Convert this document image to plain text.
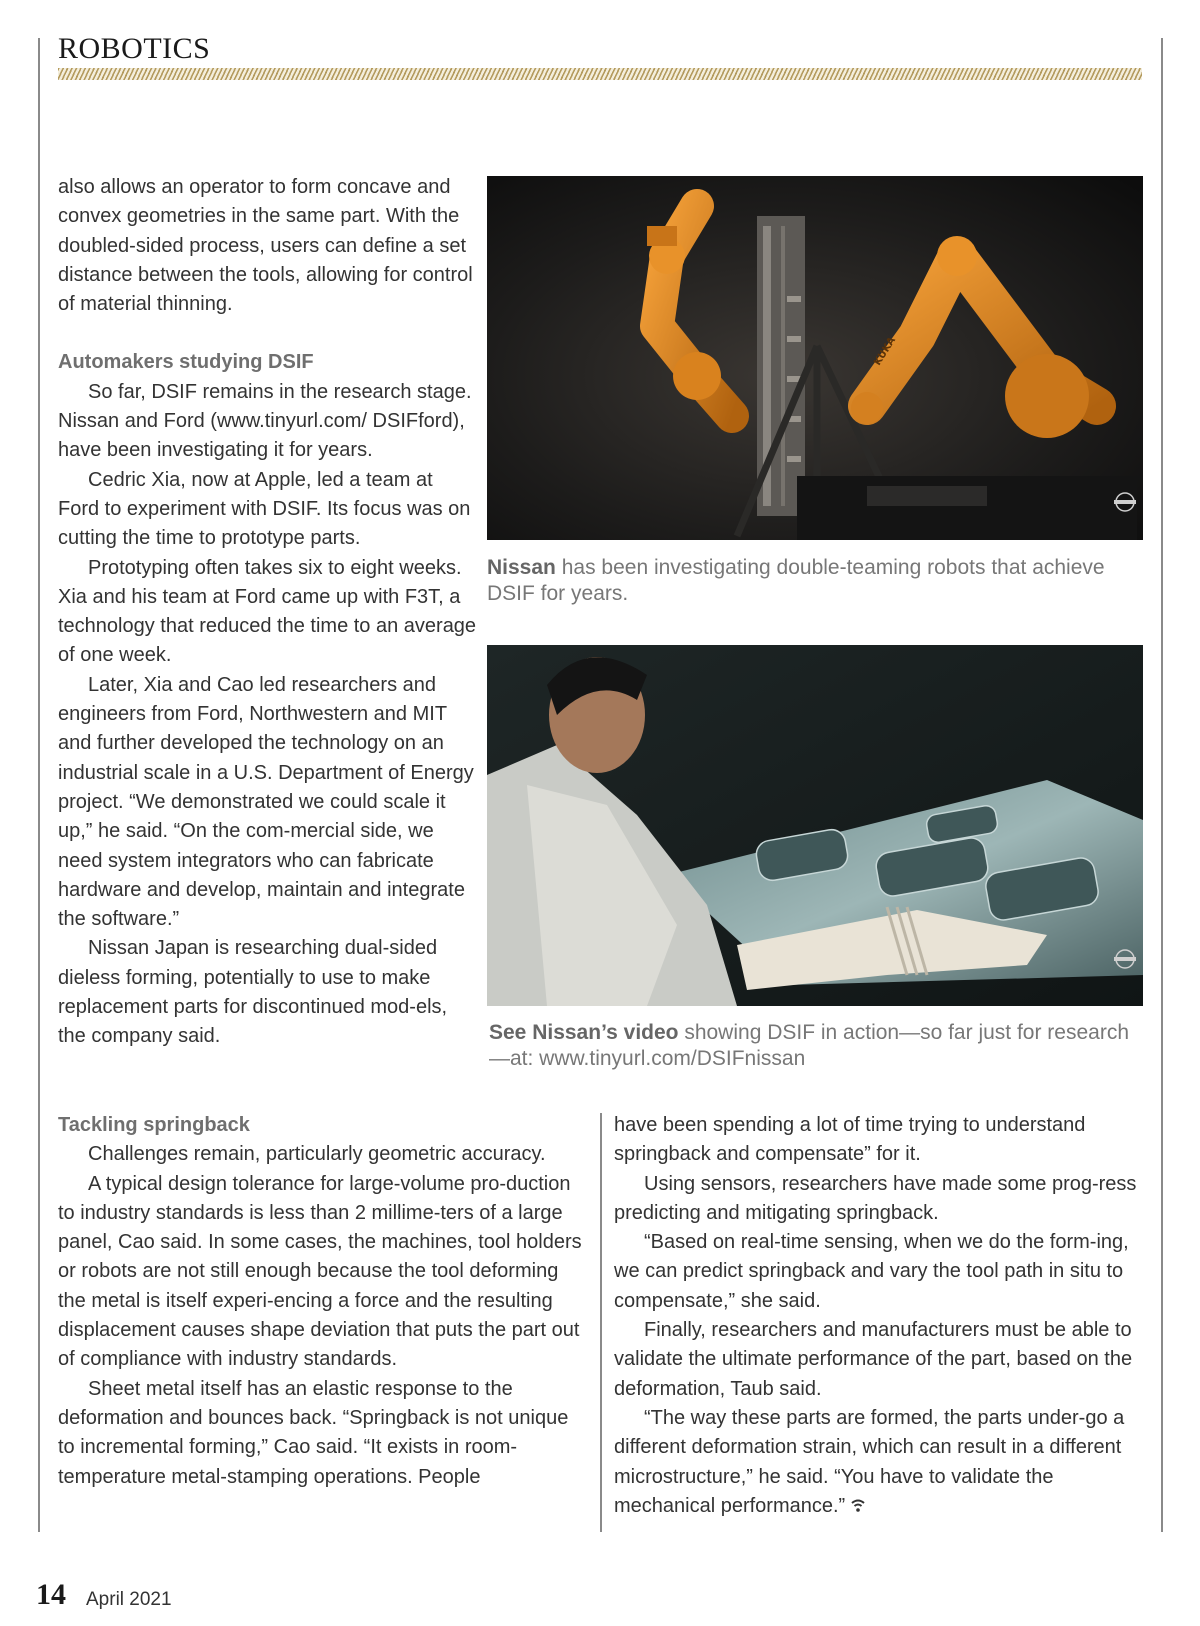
ROBOTICS

also allows an operator to form concave and convex geometries in the same part. With the doubled-sided process, users can define a set distance between the tools, allowing for control of material thinning.

Automakers studying DSIF

So far, DSIF remains in the research stage. Nissan and Ford (www.tinyurl.com/ DSIFford), have been investigating it for years.

Cedric Xia, now at Apple, led a team at Ford to experiment with DSIF. Its focus was on cutting the time to prototype parts.

Prototyping often takes six to eight weeks. Xia and his team at Ford came up with F3T, a technology that reduced the time to an average of one week.

Later, Xia and Cao led researchers and engineers from Ford, Northwestern and MIT and further developed the technology on an industrial scale in a U.S. Department of Energy project. “We demonstrated we could scale it up,” he said. “On the com-mercial side, we need system integrators who can fabricate hardware and develop, maintain and integrate the software.”

Nissan Japan is researching dual-sided dieless forming, potentially to use to make replacement parts for discontinued mod-els, the company said.

KUKA
Nissan has been investigating double-teaming robots that achieve DSIF for years.
See Nissan’s video showing DSIF in action—so far just for research—at: www.tinyurl.com/DSIFnissan

Tackling springback

Challenges remain, particularly geometric accuracy.

A typical design tolerance for large-volume pro-duction to industry standards is less than 2 millime-ters of a large panel, Cao said. In some cases, the machines, tool holders or robots are not still enough because the tool deforming the metal is itself experi-encing a force and the resulting displacement causes shape deviation that puts the part out of compliance with industry standards.

Sheet metal itself has an elastic response to the deformation and bounces back. “Springback is not unique to incremental forming,” Cao said. “It exists in room-temperature metal-stamping operations. People

have been spending a lot of time trying to understand springback and compensate” for it.

Using sensors, researchers have made some prog-ress predicting and mitigating springback.

“Based on real-time sensing, when we do the form-ing, we can predict springback and vary the tool path in situ to compensate,” she said.

Finally, researchers and manufacturers must be able to validate the ultimate performance of the part, based on the deformation, Taub said.

“The way these parts are formed, the parts under-go a different deformation strain, which can result in a different microstructure,” he said. “You have to validate the mechanical performance.”

14 April 2021
